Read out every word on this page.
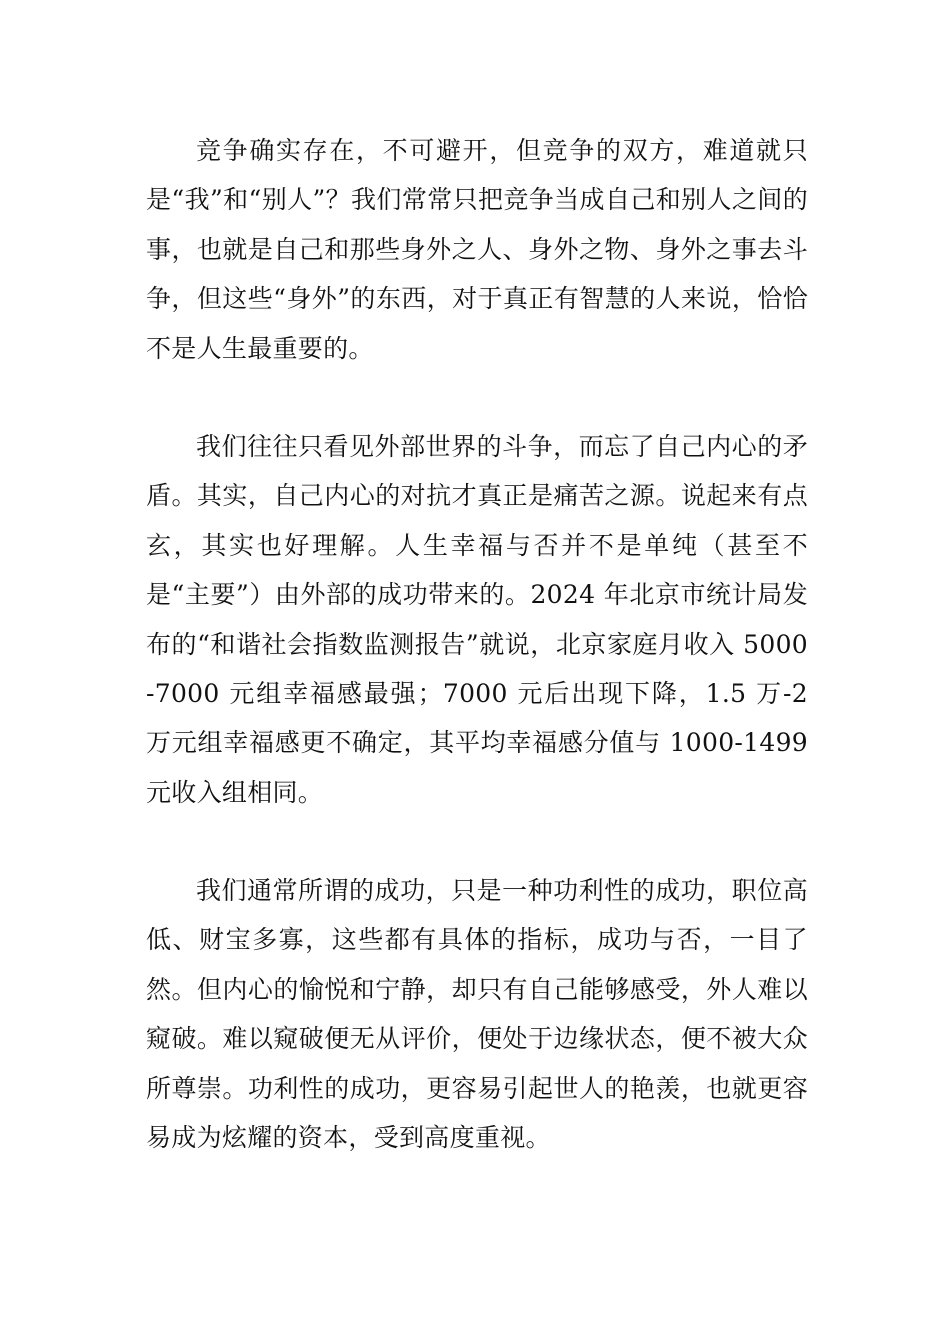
竞争确实存在，不可避开，但竞争的双方，难道就只是“我”和“别人”？我们常常只把竞争当成自己和别人之间的事，也就是自己和那些身外之人、身外之物、身外之事去斗争，但这些“身外”的东西，对于真正有智慧的人来说，恰恰不是人生最重要的。

我们往往只看见外部世界的斗争，而忘了自己内心的矛盾。其实，自己内心的对抗才真正是痛苦之源。说起来有点玄，其实也好理解。人生幸福与否并不是单纯（甚至不是“主要”）由外部的成功带来的。2024 年北京市统计局发布的“和谐社会指数监测报告”就说，北京家庭月收入 5000-7000 元组幸福感最强；7000 元后出现下降，1.5 万-2 万元组幸福感更不确定，其平均幸福感分值与 1000-1499 元收入组相同。

我们通常所谓的成功，只是一种功利性的成功，职位高低、财宝多寡，这些都有具体的指标，成功与否，一目了然。但内心的愉悦和宁静，却只有自己能够感受，外人难以窥破。难以窥破便无从评价，便处于边缘状态，便不被大众所尊崇。功利性的成功，更容易引起世人的艳羡，也就更容易成为炫耀的资本，受到高度重视。
